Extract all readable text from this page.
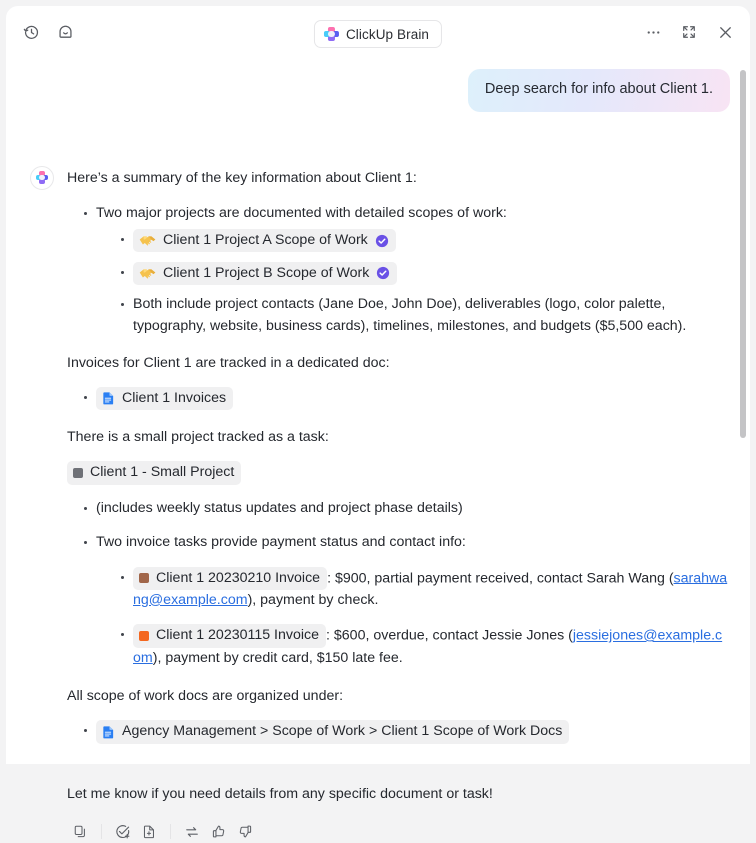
ClickUp Brain
Deep search for info about Client 1.
Here’s a summary of the key information about Client 1:
Two major projects are documented with detailed scopes of work:
Client 1 Project A Scope of Work
Client 1 Project B Scope of Work
Both include project contacts (Jane Doe, John Doe), deliverables (logo, color palette, typography, website, business cards), timelines, milestones, and budgets ($5,500 each).
Invoices for Client 1 are tracked in a dedicated doc:
Client 1 Invoices
There is a small project tracked as a task:
Client 1 - Small Project
(includes weekly status updates and project phase details)
Two invoice tasks provide payment status and contact info:
Client 1 20230210 Invoice : $900, partial payment received, contact Sarah Wang (sarahwang@example.com), payment by check.
Client 1 20230115 Invoice : $600, overdue, contact Jessie Jones (jessiejones@example.com), payment by credit card, $150 late fee.
All scope of work docs are organized under:
Agency Management > Scope of Work > Client 1 Scope of Work Docs
Let me know if you need details from any specific document or task!
